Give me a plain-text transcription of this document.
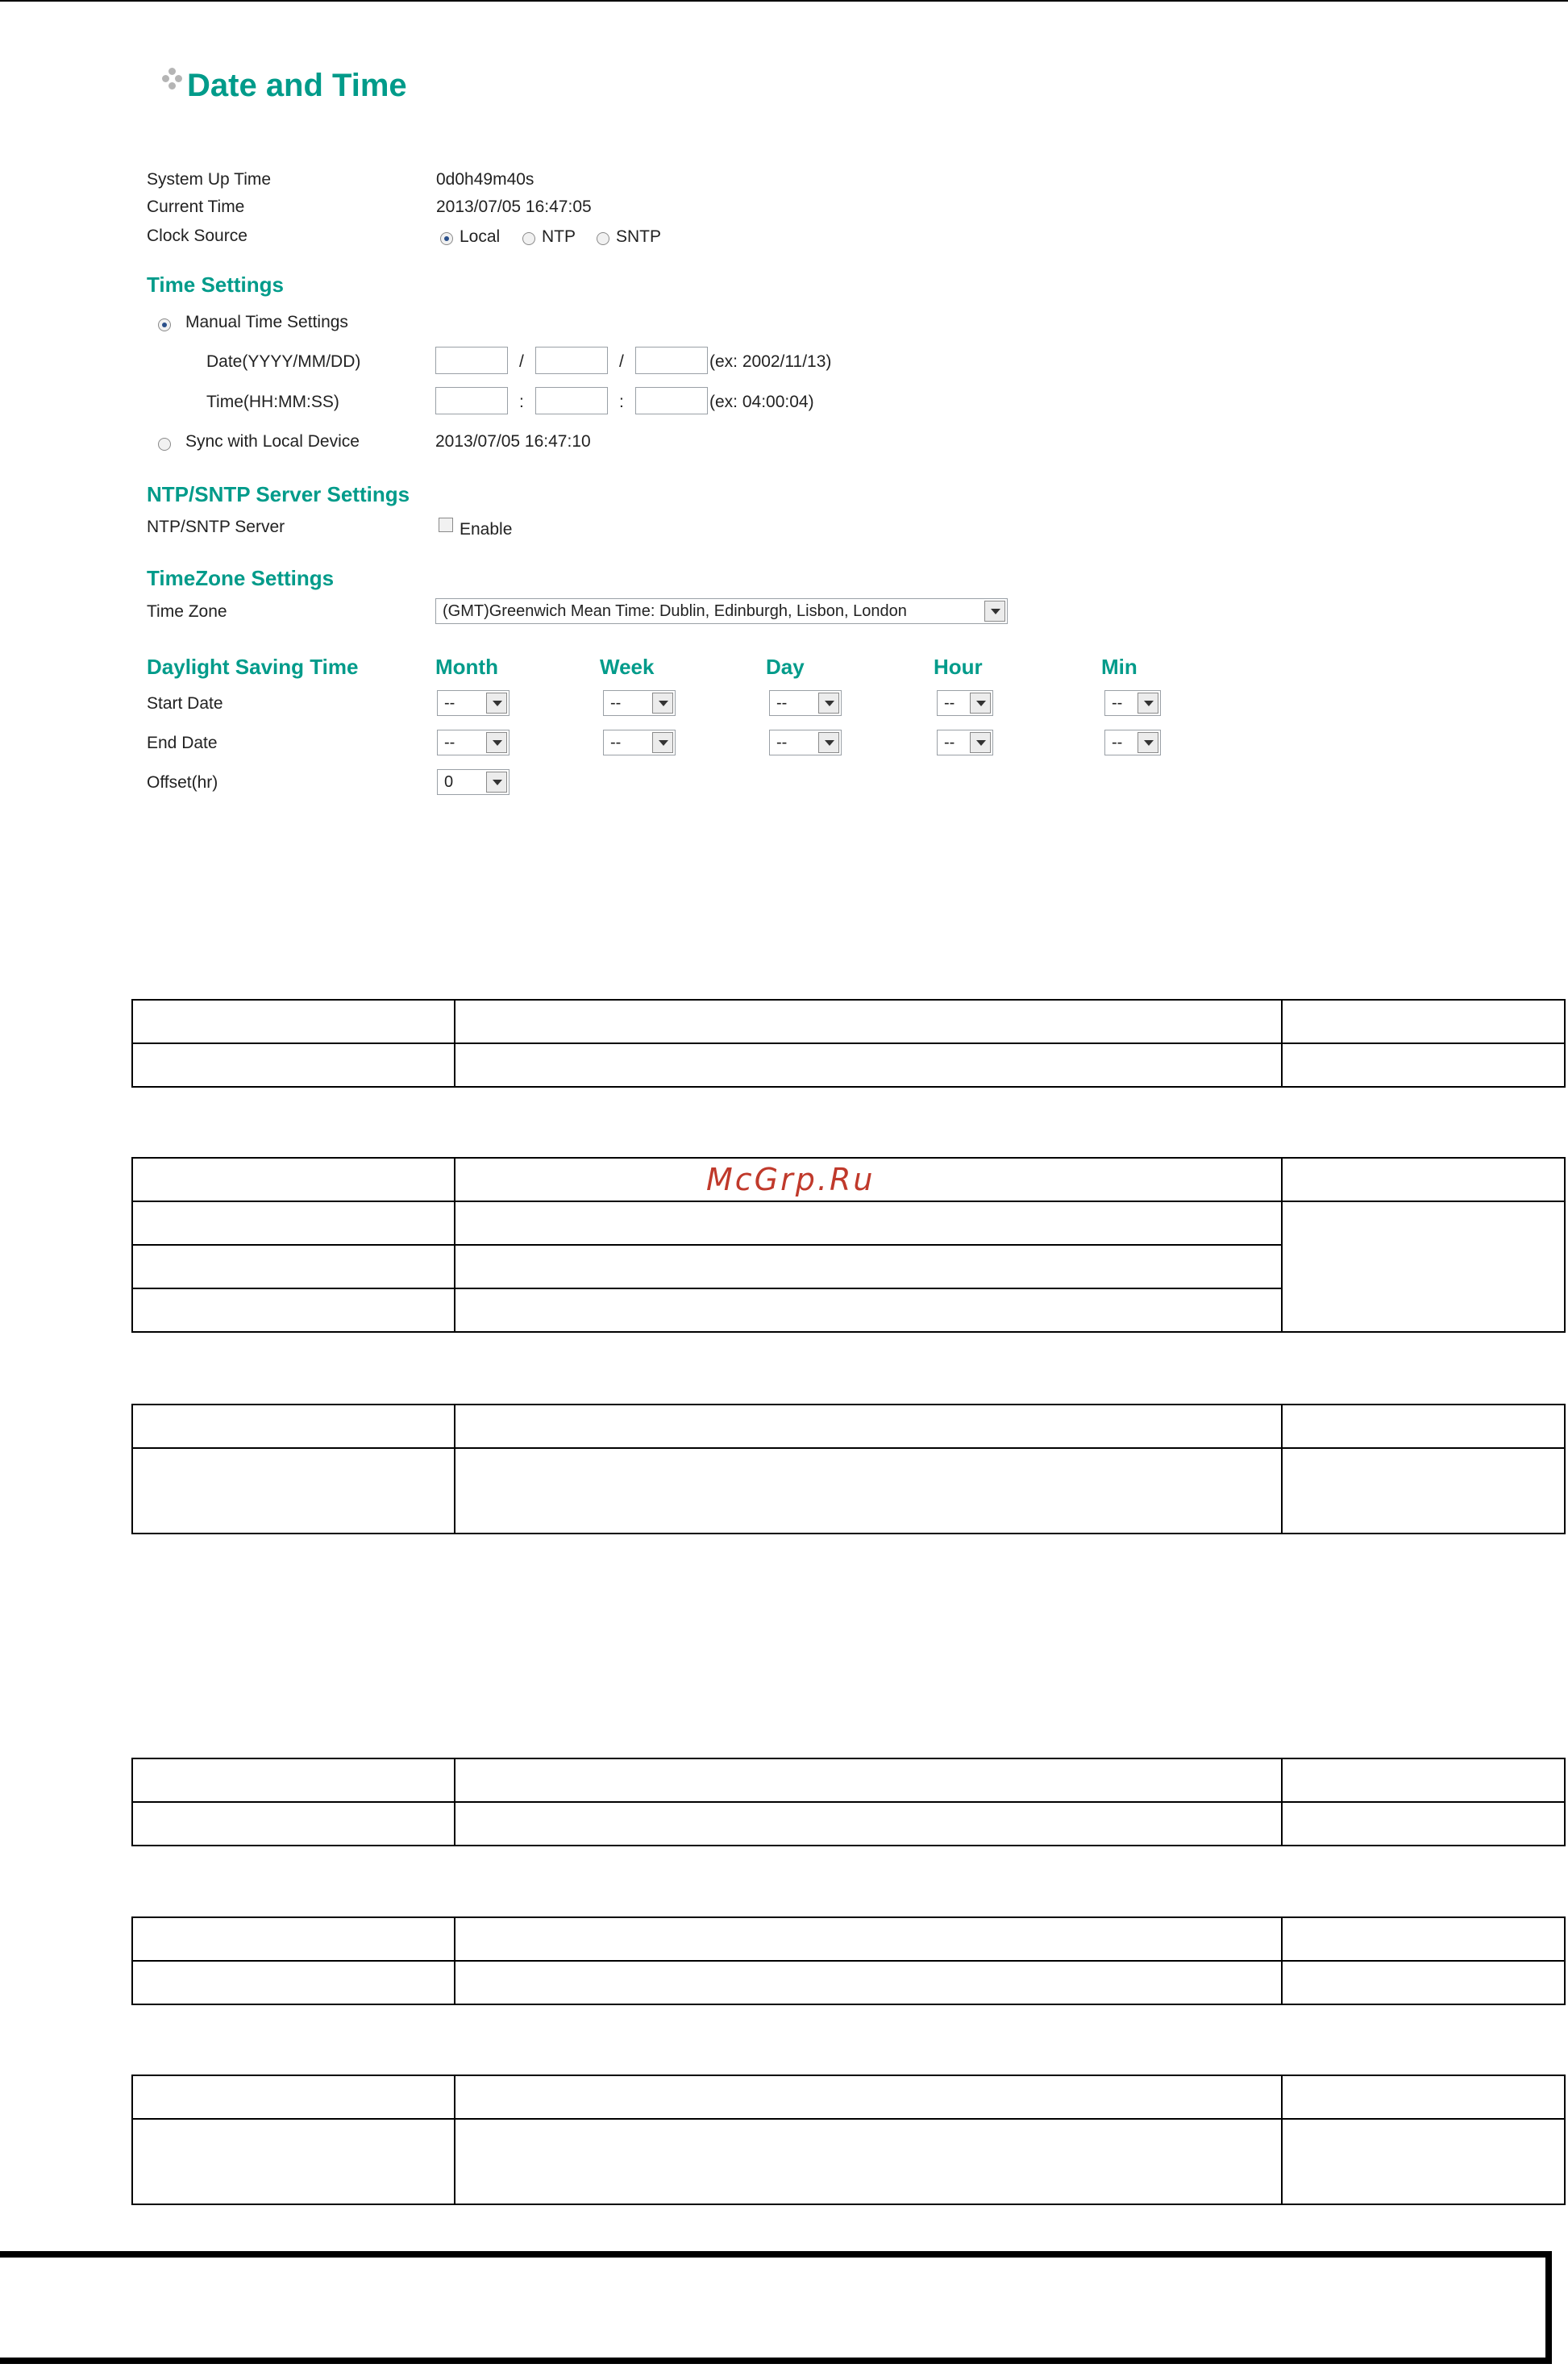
Date and Time
System Up Time	0d0h49m40s
Current Time	2013/07/05 16:47:05
Clock Source	Local NTP SNTP
Time Settings
Manual Time Settings
Date(YYYY/MM/DD)	/	/	(ex: 2002/11/13)
Time(HH:MM:SS)	:	:	(ex: 04:00:04)
Sync with Local Device	2013/07/05 16:47:10
NTP/SNTP Server Settings
NTP/SNTP Server	Enable
TimeZone Settings
Time Zone	(GMT)Greenwich Mean Time: Dublin, Edinburgh, Lisbon, London
Daylight Saving Time	Month	Week	Day	Hour	Min
Start Date	--	--	--	--	--
End Date	--	--	--	--	--
Offset(hr)	0

McGrp.Ru
